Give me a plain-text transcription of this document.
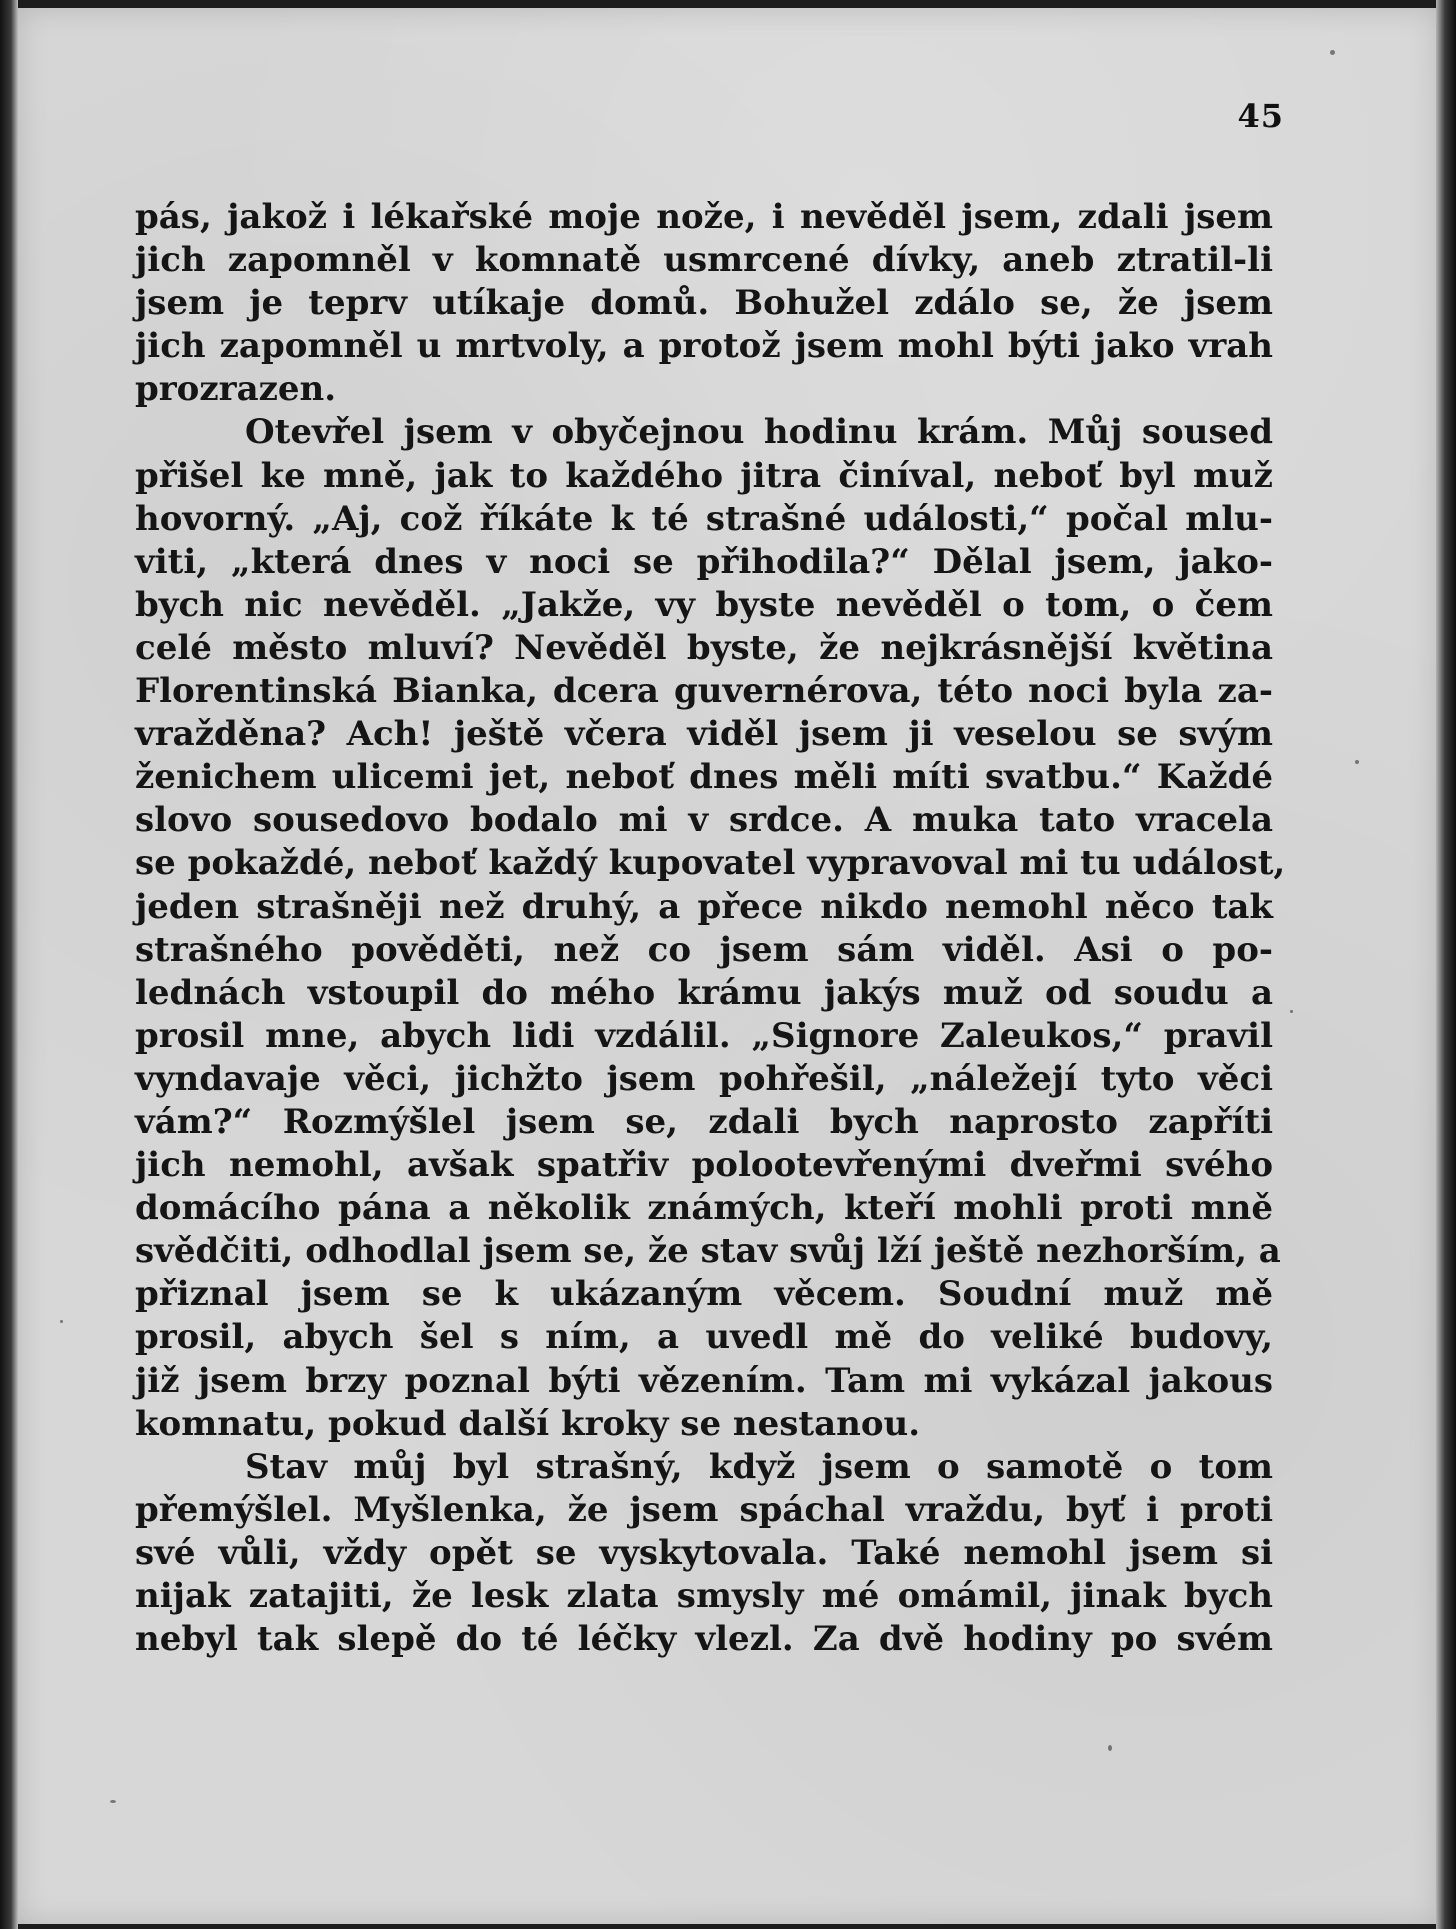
45
pás, jakož i lékařské moje nože, i nevěděl jsem, zdali jsem
jich zapomněl v komnatě usmrcené dívky, aneb ztratil-li
jsem je teprv utíkaje domů. Bohužel zdálo se, že jsem
jich zapomněl u mrtvoly, a protož jsem mohl býti jako vrah
prozrazen.
Otevřel jsem v obyčejnou hodinu krám. Můj soused
přišel ke mně, jak to každého jitra činíval, neboť byl muž
hovorný. „Aj, což říkáte k té strašné události,“ počal mlu-
viti, „která dnes v noci se přihodila?“ Dělal jsem, jako-
bych nic nevěděl. „Jakže, vy byste nevěděl o tom, o čem
celé město mluví? Nevěděl byste, že nejkrásnější květina
Florentinská Bianka, dcera guvernérova, této noci byla za-
vražděna? Ach! ještě včera viděl jsem ji veselou se svým
ženichem ulicemi jet, neboť dnes měli míti svatbu.“ Každé
slovo sousedovo bodalo mi v srdce. A muka tato vracela
se pokaždé, neboť každý kupovatel vypravoval mi tu událost,
jeden strašněji než druhý, a přece nikdo nemohl něco tak
strašného pověděti, než co jsem sám viděl. Asi o po-
lednách vstoupil do mého krámu jakýs muž od soudu a
prosil mne, abych lidi vzdálil. „Signore Zaleukos,“ pravil
vyndavaje věci, jichžto jsem pohřešil, „náležejí tyto věci
vám?“ Rozmýšlel jsem se, zdali bych naprosto zapříti
jich nemohl, avšak spatřiv polootevřenými dveřmi svého
domácího pána a několik známých, kteří mohli proti mně
svědčiti, odhodlal jsem se, že stav svůj lží ještě nezhorším, a
přiznal jsem se k ukázaným věcem. Soudní muž mě
prosil, abych šel s ním, a uvedl mě do veliké budovy,
již jsem brzy poznal býti vězením. Tam mi vykázal jakous
komnatu, pokud další kroky se nestanou.
Stav můj byl strašný, když jsem o samotě o tom
přemýšlel. Myšlenka, že jsem spáchal vraždu, byť i proti
své vůli, vždy opět se vyskytovala. Také nemohl jsem si
nijak zatajiti, že lesk zlata smysly mé omámil, jinak bych
nebyl tak slepě do té léčky vlezl. Za dvě hodiny po svém
